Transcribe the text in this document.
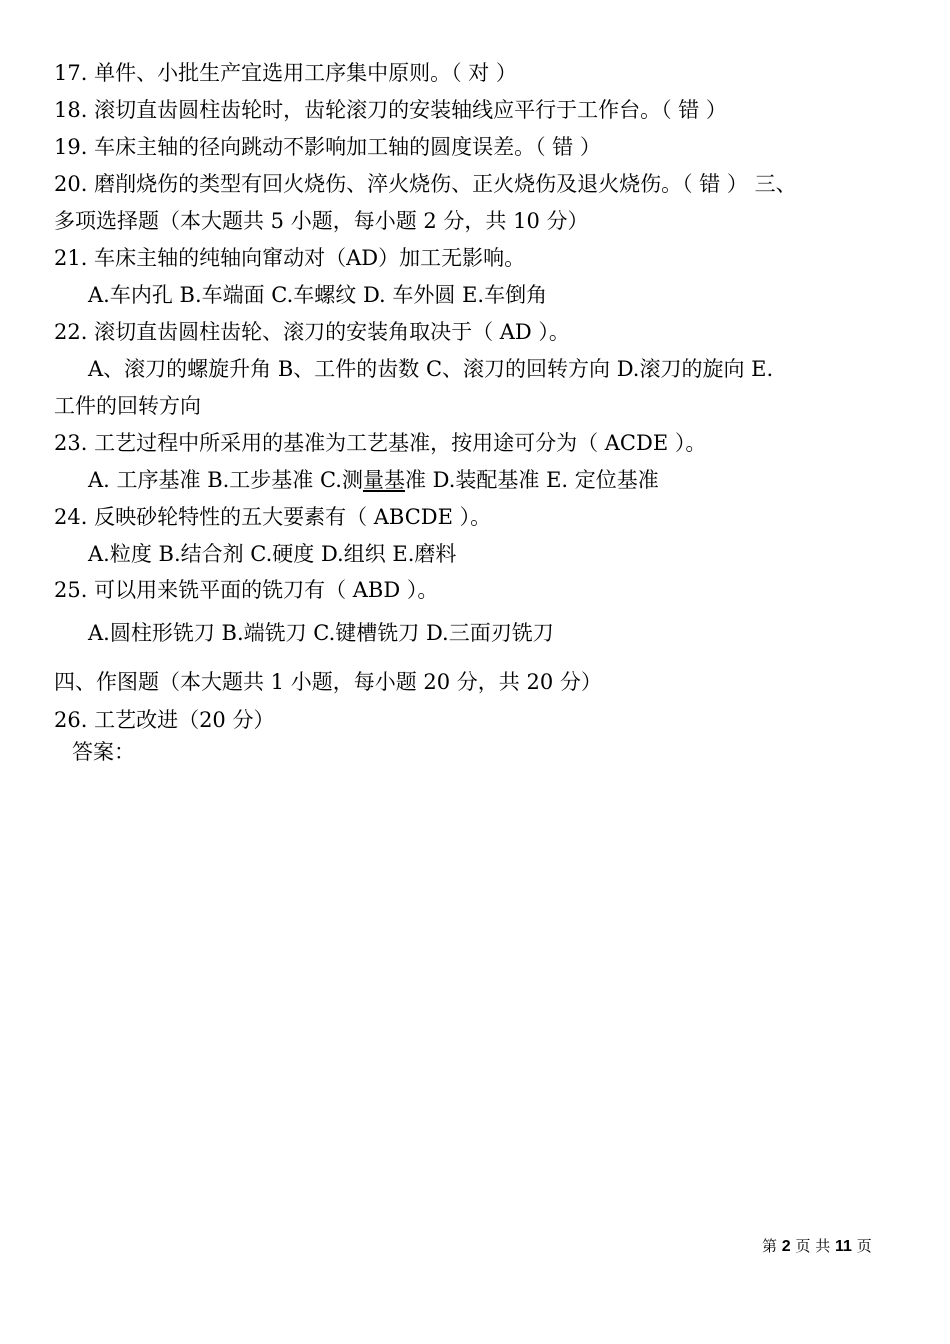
17. 单件、小批生产宜选用工序集中原则。（ 对 ）
18. 滚切直齿圆柱齿轮时，齿轮滚刀的安装轴线应平行于工作台。（ 错 ）
19. 车床主轴的径向跳动不影响加工轴的圆度误差。（ 错 ）
20. 磨削烧伤的类型有回火烧伤、淬火烧伤、正火烧伤及退火烧伤。（ 错 ） 三、
多项选择题（本大题共 5 小题，每小题 2 分，共 10 分）
21. 车床主轴的纯轴向窜动对（AD）加工无影响。
A.车内孔 B.车端面 C.车螺纹 D. 车外圆 E.车倒角
22. 滚切直齿圆柱齿轮、滚刀的安装角取决于（ AD ）。
A、滚刀的螺旋升角 B、工件的齿数 C、滚刀的回转方向 D.滚刀的旋向 E.
工件的回转方向
23. 工艺过程中所采用的基准为工艺基准，按用途可分为（ ACDE ）。
A. 工序基准 B.工步基准 C.测量基准 D.装配基准 E. 定位基准
24. 反映砂轮特性的五大要素有（ ABCDE ）。
A.粒度 B.结合剂 C.硬度 D.组织 E.磨料
25. 可以用来铣平面的铣刀有（ ABD ）。
A.圆柱形铣刀 B.端铣刀 C.键槽铣刀 D.三面刃铣刀
四、作图题（本大题共 1 小题，每小题 20 分，共 20 分）
26. 工艺改进（20 分）
答案：
第 2 页 共 11 页
